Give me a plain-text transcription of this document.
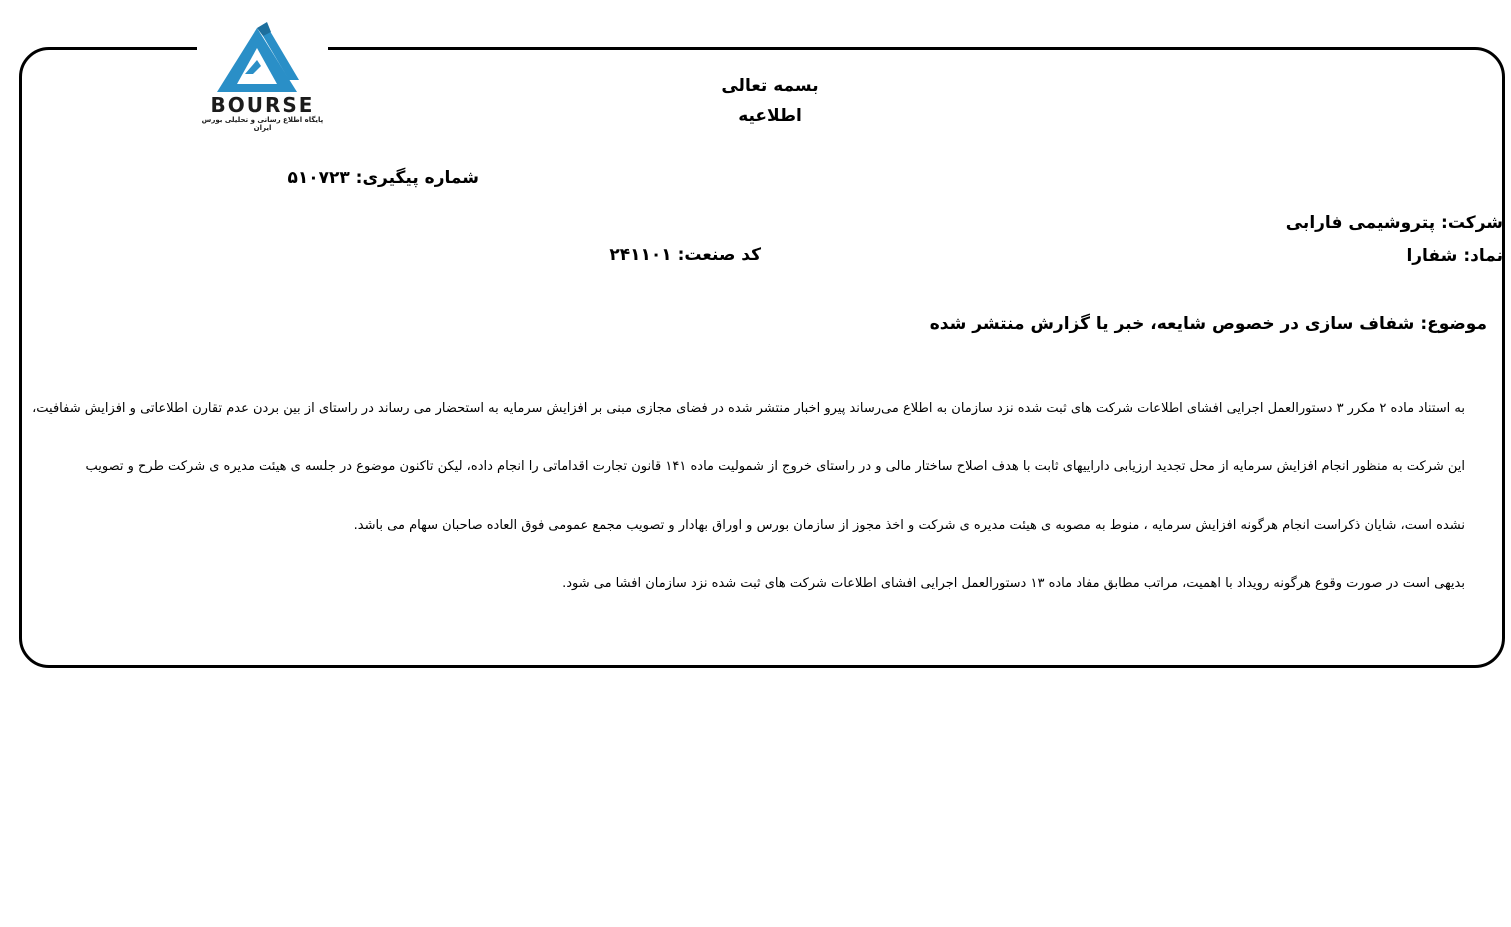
BOURSE
پایگاه اطلاع رسانی و تحلیلی بورس ایران
بسمه تعالی
اطلاعیه
شماره پیگیری: ۵۱۰۷۲۳
شرکت: پتروشیمی فارابی
نماد: شفارا
کد صنعت: ۲۴۱۱۰۱
موضوع: شفاف سازی در خصوص شایعه، خبر یا گزارش منتشر شده
به استناد ماده ۲ مکرر ۳ دستورالعمل اجرایی افشای اطلاعات شرکت های ثبت شده نزد سازمان به اطلاع می‌رساند پیرو اخبار منتشر شده در فضای مجازی مبنی بر افزایش سرمایه به استحضار می رساند در راستای از بین بردن عدم تقارن اطلاعاتی و افزایش شفافیت،
این شرکت به منظور انجام افزایش سرمایه از محل تجدید ارزیابی داراییهای ثابت با هدف اصلاح ساختار مالی و در راستای خروج از شمولیت ماده ۱۴۱ قانون تجارت اقداماتی را انجام داده، لیکن تاکنون موضوع در جلسه ی هیئت مدیره ی شرکت طرح و تصویب
نشده است، شایان ذکراست انجام هرگونه افزایش سرمایه ، منوط به مصوبه ی هیئت مدیره ی شرکت و اخذ مجوز از سازمان بورس و اوراق بهادار و تصویب مجمع عمومی فوق العاده صاحبان سهام می باشد.
بدیهی است در صورت وقوع هرگونه رویداد با اهمیت، مراتب مطابق مفاد ماده ۱۳ دستورالعمل اجرایی افشای اطلاعات شرکت های ثبت شده نزد سازمان افشا می شود.
